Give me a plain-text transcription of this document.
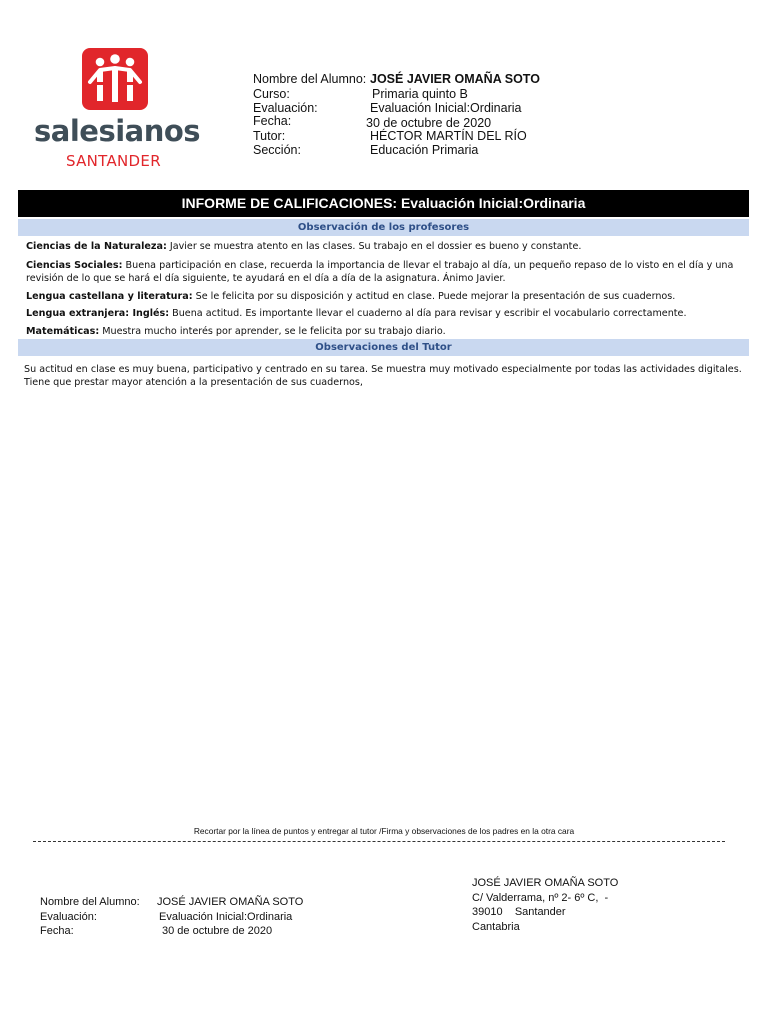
salesianos
SANTANDER
Nombre del Alumno: JOSÉ JAVIER OMAÑA SOTO
Curso:	Primaria quinto B
Evaluación:	Evaluación Inicial:Ordinaria
Fecha:	30 de octubre de 2020
Tutor:	HÉCTOR MARTÍN DEL RÍO
Sección:	Educación Primaria
INFORME DE CALIFICACIONES: Evaluación Inicial:Ordinaria
Observación de los profesores
Ciencias de la Naturaleza: Javier se muestra atento en las clases. Su trabajo en el dossier es bueno y constante.
Ciencias Sociales: Buena participación en clase, recuerda la importancia de llevar el trabajo al día, un pequeño repaso de lo visto en el día y una revisión de lo que se hará el día siguiente, te ayudará en el día a día de la asignatura. Ánimo Javier.
Lengua castellana y literatura: Se le felicita por su disposición y actitud en clase. Puede mejorar la presentación de sus cuadernos.
Lengua extranjera: Inglés: Buena actitud. Es importante llevar el cuaderno al día para revisar y escribir el vocabulario correctamente.
Matemáticas: Muestra mucho interés por aprender, se le felicita por su trabajo diario.
Observaciones del Tutor
Su actitud en clase es muy buena, participativo y centrado en su tarea. Se muestra muy motivado especialmente por todas las actividades digitales.
Tiene que prestar mayor atención a la presentación de sus cuadernos,
Recortar por la línea de puntos y entregar al tutor /Firma y observaciones de los padres en la otra cara
Nombre del Alumno: JOSÉ JAVIER OMAÑA SOTO
Evaluación:	Evaluación Inicial:Ordinaria
Fecha:	30 de octubre de 2020
JOSÉ JAVIER OMAÑA SOTO
C/ Valderrama, nº 2- 6º C,  -
39010    Santander
Cantabria
